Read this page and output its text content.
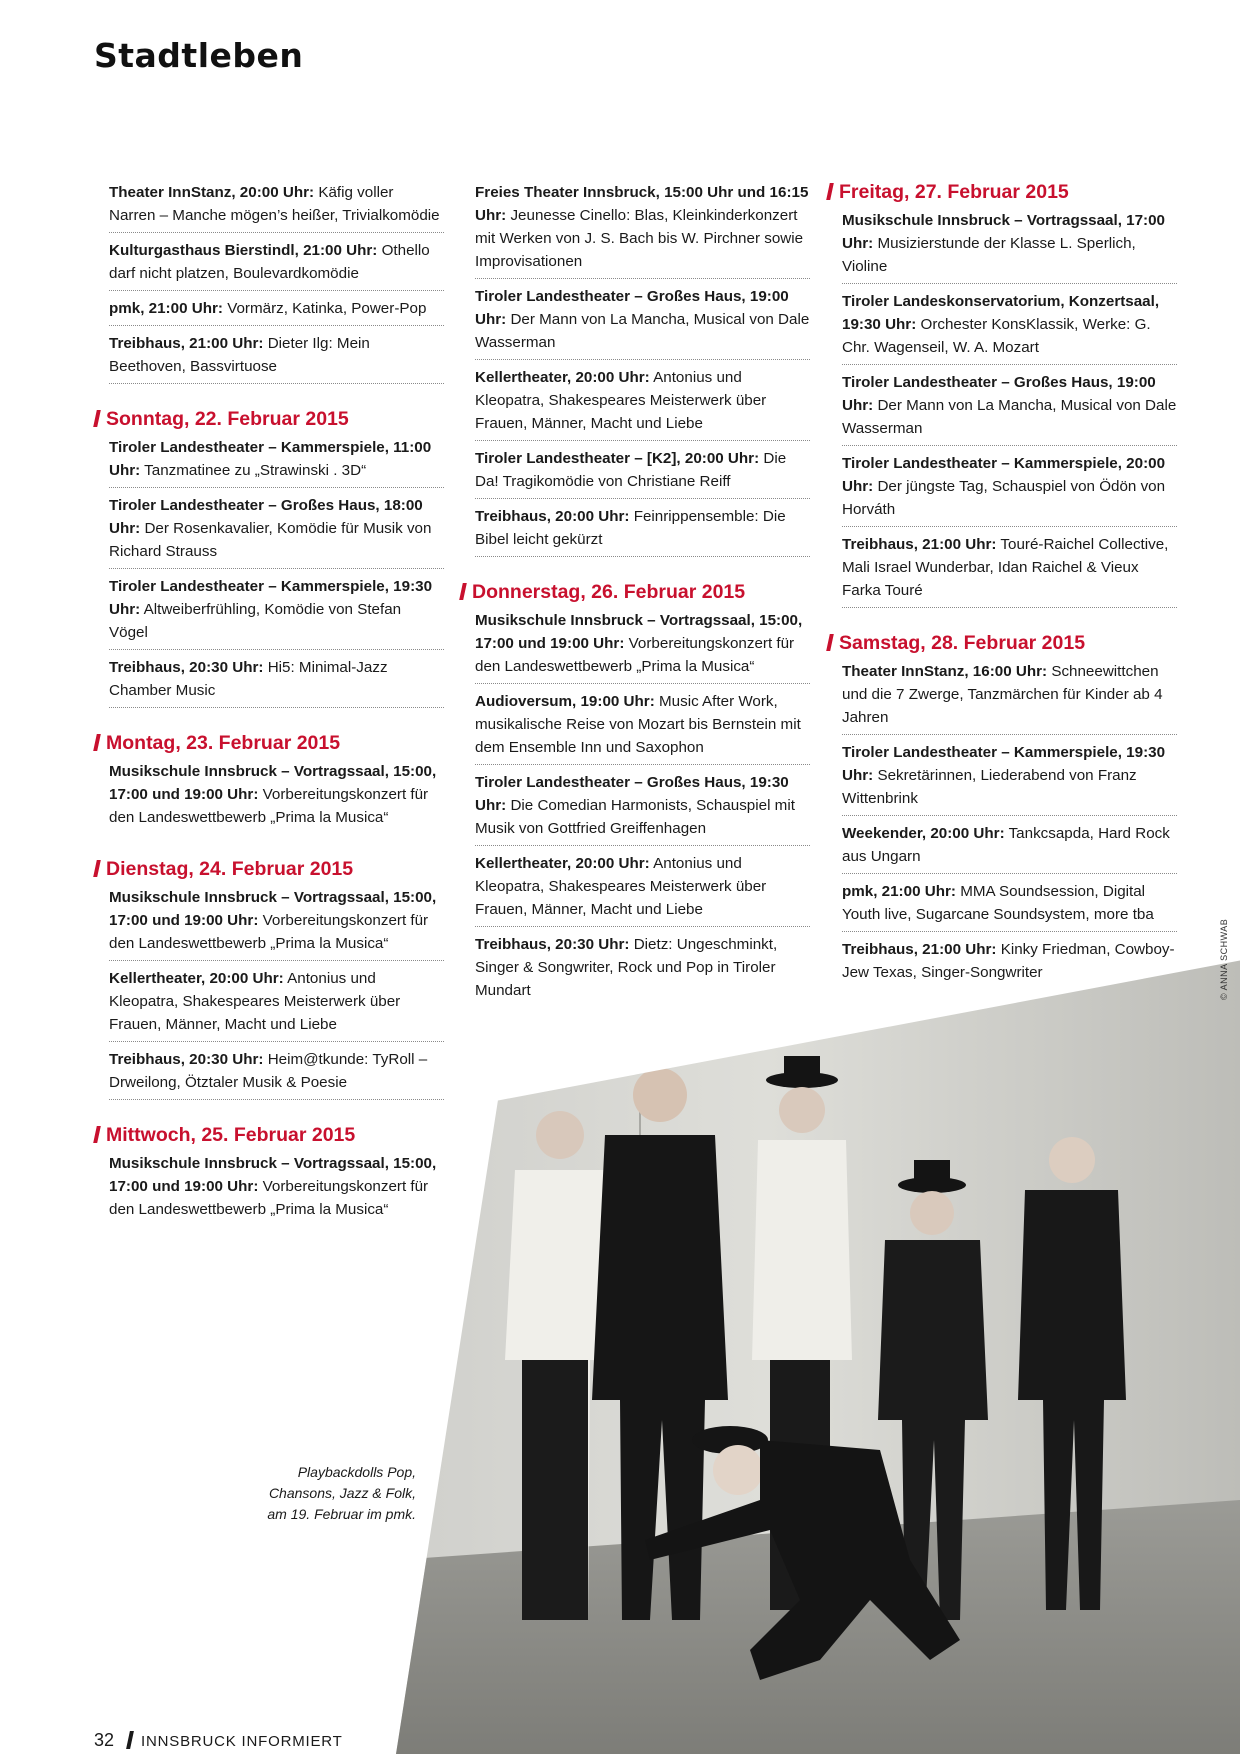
Stadtleben
Theater InnStanz, 20:00 Uhr: Käfig voller Narren – Manche mögen’s heißer, Trivialkomödie
Kulturgasthaus Bierstindl, 21:00 Uhr: Othello darf nicht platzen, Boulevardkomödie
pmk, 21:00 Uhr: Vormärz, Katinka, Power-Pop
Treibhaus, 21:00 Uhr: Dieter Ilg: Mein Beethoven, Bassvirtuose
Sonntag, 22. Februar 2015
Tiroler Landestheater – Kammerspiele, 11:00 Uhr: Tanzmatinee zu „Strawinski . 3D“
Tiroler Landestheater – Großes Haus, 18:00 Uhr: Der Rosenkavalier, Komödie für Musik von Richard Strauss
Tiroler Landestheater – Kammerspiele, 19:30 Uhr: Altweiberfrühling, Komödie von Stefan Vögel
Treibhaus, 20:30 Uhr: Hi5: Minimal-Jazz Chamber Music
Montag, 23. Februar 2015
Musikschule Innsbruck – Vortragssaal, 15:00, 17:00 und 19:00 Uhr: Vorbereitungskonzert für den Landeswettbewerb „Prima la Musica“
Dienstag, 24. Februar 2015
Musikschule Innsbruck – Vortragssaal, 15:00, 17:00 und 19:00 Uhr: Vorbereitungskonzert für den Landeswettbewerb „Prima la Musica“
Kellertheater, 20:00 Uhr: Antonius und Kleopatra, Shakespeares Meisterwerk über Frauen, Männer, Macht und Liebe
Treibhaus, 20:30 Uhr: Heim@tkunde: TyRoll – Drweilong, Ötztaler Musik & Poesie
Mittwoch, 25. Februar 2015
Musikschule Innsbruck – Vortragssaal, 15:00, 17:00 und 19:00 Uhr: Vorbereitungskonzert für den Landeswettbewerb „Prima la Musica“
Freies Theater Innsbruck, 15:00 Uhr und 16:15 Uhr: Jeunesse Cinello: Blas, Kleinkinderkonzert mit Werken von J. S. Bach bis W. Pirchner sowie Improvisationen
Tiroler Landestheater – Großes Haus, 19:00 Uhr: Der Mann von La Mancha, Musical von Dale Wasserman
Kellertheater, 20:00 Uhr: Antonius und Kleopatra, Shakespeares Meisterwerk über Frauen, Männer, Macht und Liebe
Tiroler Landestheater – [K2], 20:00 Uhr: Die Da! Tragikomödie von Christiane Reiff
Treibhaus, 20:00 Uhr: Feinrippensemble: Die Bibel leicht gekürzt
Donnerstag, 26. Februar 2015
Musikschule Innsbruck – Vortragssaal, 15:00, 17:00 und 19:00 Uhr: Vorbereitungskonzert für den Landeswettbewerb „Prima la Musica“
Audioversum, 19:00 Uhr: Music After Work, musikalische Reise von Mozart bis Bernstein mit dem Ensemble Inn und Saxophon
Tiroler Landestheater – Großes Haus, 19:30 Uhr: Die Comedian Harmonists, Schauspiel mit Musik von Gottfried Greiffenhagen
Kellertheater, 20:00 Uhr: Antonius und Kleopatra, Shakespeares Meisterwerk über Frauen, Männer, Macht und Liebe
Treibhaus, 20:30 Uhr: Dietz: Ungeschminkt, Singer & Songwriter, Rock und Pop in Tiroler Mundart
Freitag, 27. Februar 2015
Musikschule Innsbruck – Vortragssaal, 17:00 Uhr: Musizierstunde der Klasse L. Sperlich, Violine
Tiroler Landeskonservatorium, Konzertsaal, 19:30 Uhr: Orchester KonsKlassik, Werke: G. Chr. Wagenseil, W. A. Mozart
Tiroler Landestheater – Großes Haus, 19:00 Uhr: Der Mann von La Mancha, Musical von Dale Wasserman
Tiroler Landestheater – Kammerspiele, 20:00 Uhr: Der jüngste Tag, Schauspiel von Ödön von Horváth
Treibhaus, 21:00 Uhr: Touré-Raichel Collective, Mali Israel Wunderbar, Idan Raichel & Vieux Farka Touré
Samstag, 28. Februar 2015
Theater InnStanz, 16:00 Uhr: Schneewittchen und die 7 Zwerge, Tanzmärchen für Kinder ab 4 Jahren
Tiroler Landestheater – Kammerspiele, 19:30 Uhr: Sekretärinnen, Liederabend von Franz Wittenbrink
Weekender, 20:00 Uhr: Tankcsapda, Hard Rock aus Ungarn
pmk, 21:00 Uhr: MMA Soundsession, Digital Youth live, Sugarcane Soundsystem, more tba
Treibhaus, 21:00 Uhr: Kinky Friedman, Cowboy-Jew Texas, Singer-Songwriter
Playbackdolls Pop,
Chansons, Jazz & Folk,
am 19. Februar im pmk.
© ANNA SCHWAB
32 INNSBRUCK INFORMIERT
